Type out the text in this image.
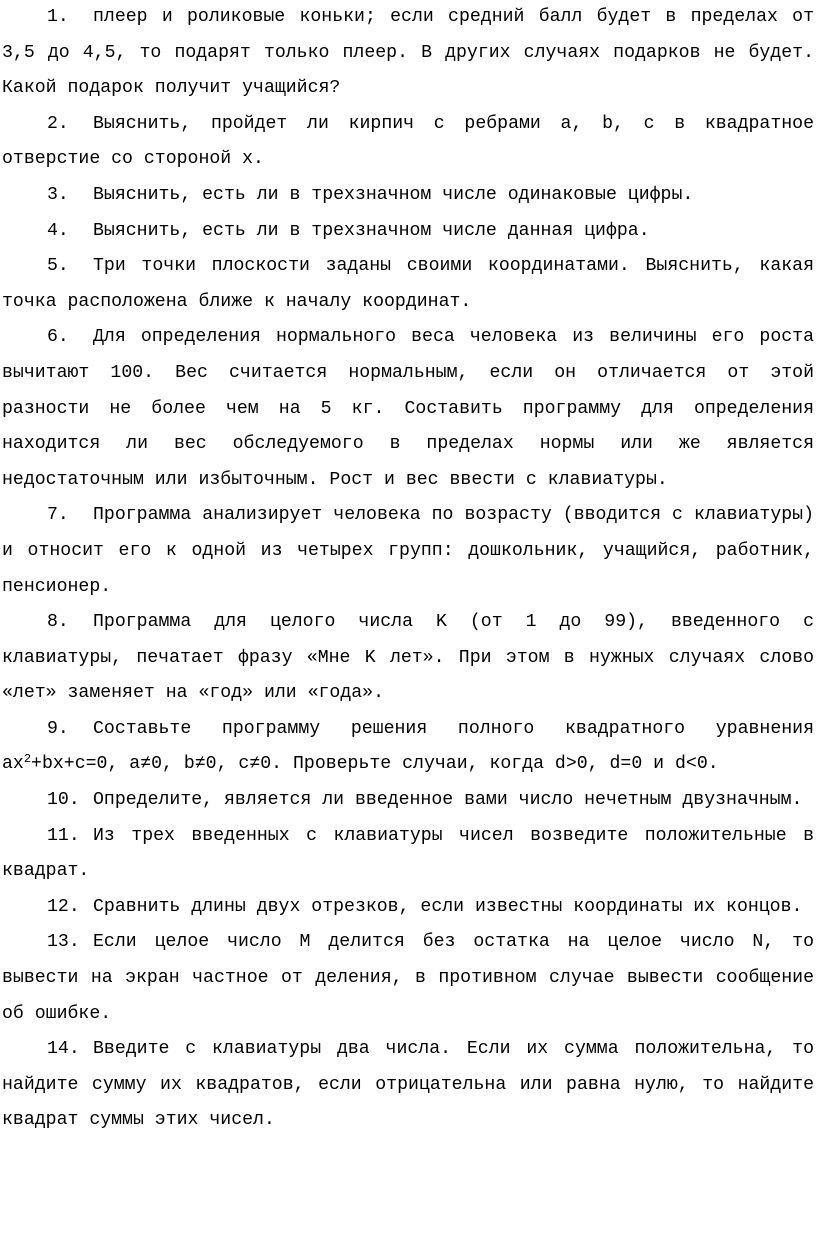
1. плеер и роликовые коньки; если средний балл будет в пределах от 3,5 до 4,5, то подарят только плеер. В других случаях подарков не будет. Какой подарок получит учащийся?

2. Выяснить, пройдет ли кирпич с ребрами a, b, c в квадратное отверстие со стороной x.

3. Выяснить, есть ли в трехзначном числе одинаковые цифры.

4. Выяснить, есть ли в трехзначном числе данная цифра.

5. Три точки плоскости заданы своими координатами. Выяснить, какая точка расположена ближе к началу координат.

6. Для определения нормального веса человека из величины его роста вычитают 100. Вес считается нормальным, если он отличается от этой разности не более чем на 5 кг. Составить программу для определения находится ли вес обследуемого в пределах нормы или же является недостаточным или избыточным. Рост и вес ввести с клавиатуры.

7. Программа анализирует человека по возрасту (вводится с клавиатуры) и относит его к одной из четырех групп: дошкольник, учащийся, работник, пенсионер.

8. Программа для целого числа K (от 1 до 99), введенного с клавиатуры, печатает фразу «Мне K лет». При этом в нужных случаях слово «лет» заменяет на «год» или «года».

9. Составьте программу решения полного квадратного уравнения $ax^2+bx+c=0$, a≠0, b≠0, c≠0. Проверьте случаи, когда d>0, d=0 и d<0.

10. Определите, является ли введенное вами число нечетным двузначным.

11. Из трех введенных с клавиатуры чисел возведите положительные в квадрат.

12. Сравнить длины двух отрезков, если известны координаты их концов.

13. Если целое число M делится без остатка на целое число N, то вывести на экран частное от деления, в противном случае вывести сообщение об ошибке.

14. Введите с клавиатуры два числа. Если их сумма положительна, то найдите сумму их квадратов, если отрицательна или равна нулю, то найдите квадрат суммы этих чисел.
